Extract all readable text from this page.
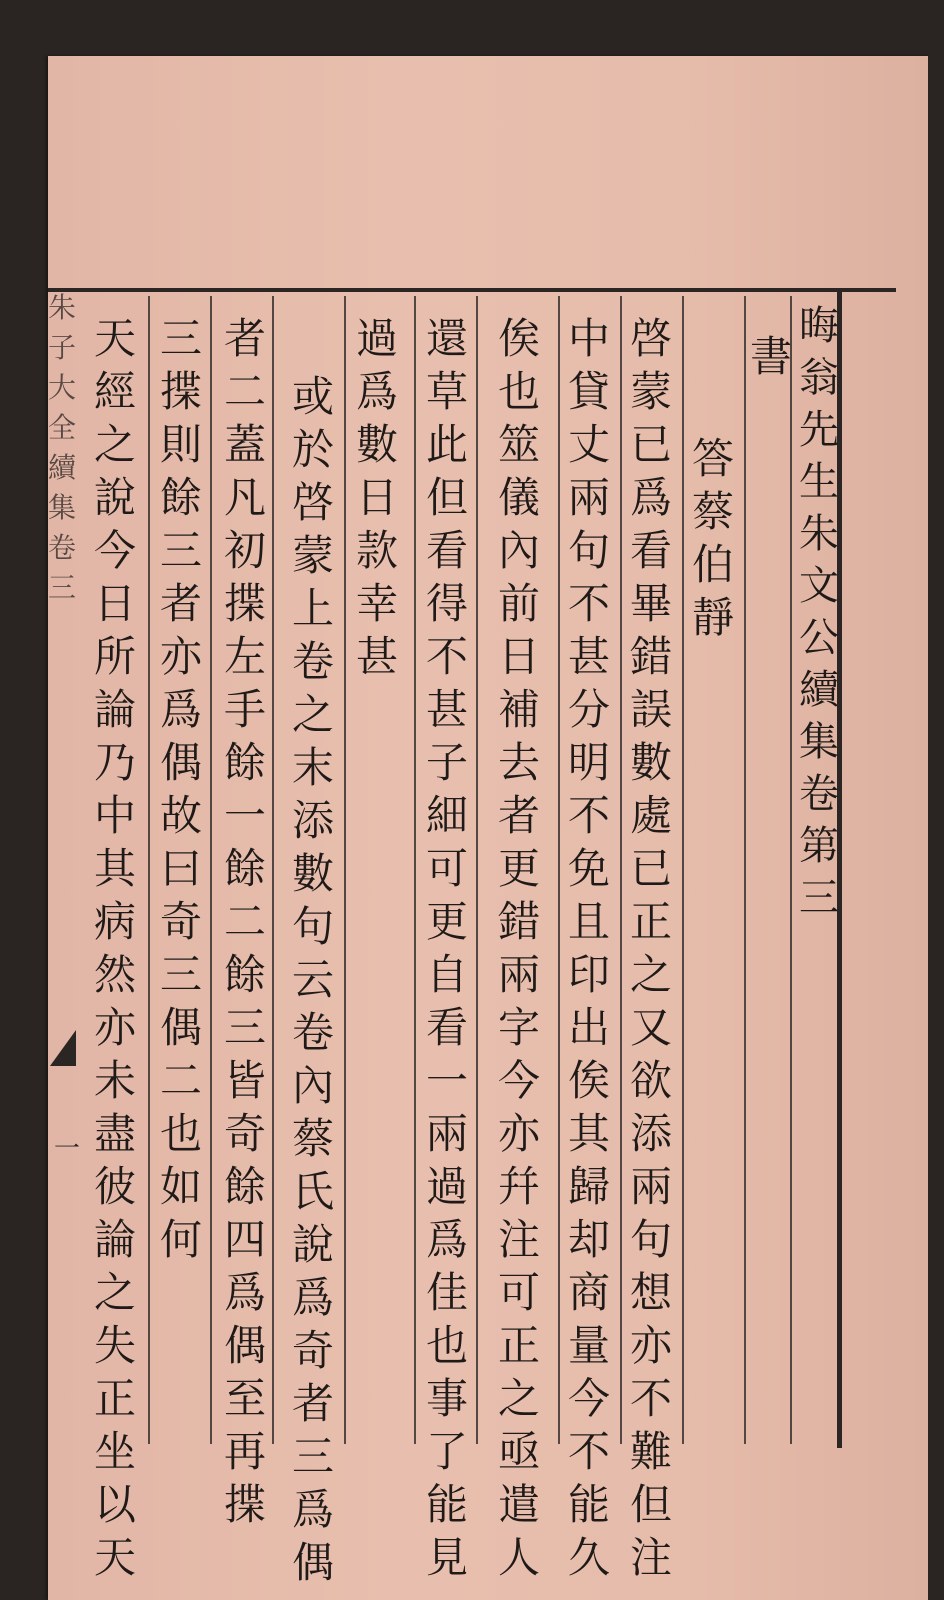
晦翁先生朱文公續集卷第三
書
答蔡伯靜
啓蒙已爲看畢錯誤數處已正之又欲添兩句想亦不難但注
中貸丈兩句不甚分明不免且印出俟其歸却商量今不能久
俟也筮儀內前日補去者更錯兩字今亦幷注可正之亟遣人
還草此但看得不甚子細可更自看一兩過爲佳也事了能見
過爲數日款幸甚
或於啓蒙上卷之末添數句云卷內蔡氏說爲奇者三爲偶
者二蓋凡初揲左手餘一餘二餘三皆奇餘四爲偶至再揲
三揲則餘三者亦爲偶故曰奇三偶二也如何
天經之說今日所論乃中其病然亦未盡彼論之失正坐以天
朱子大全續集卷三
一
